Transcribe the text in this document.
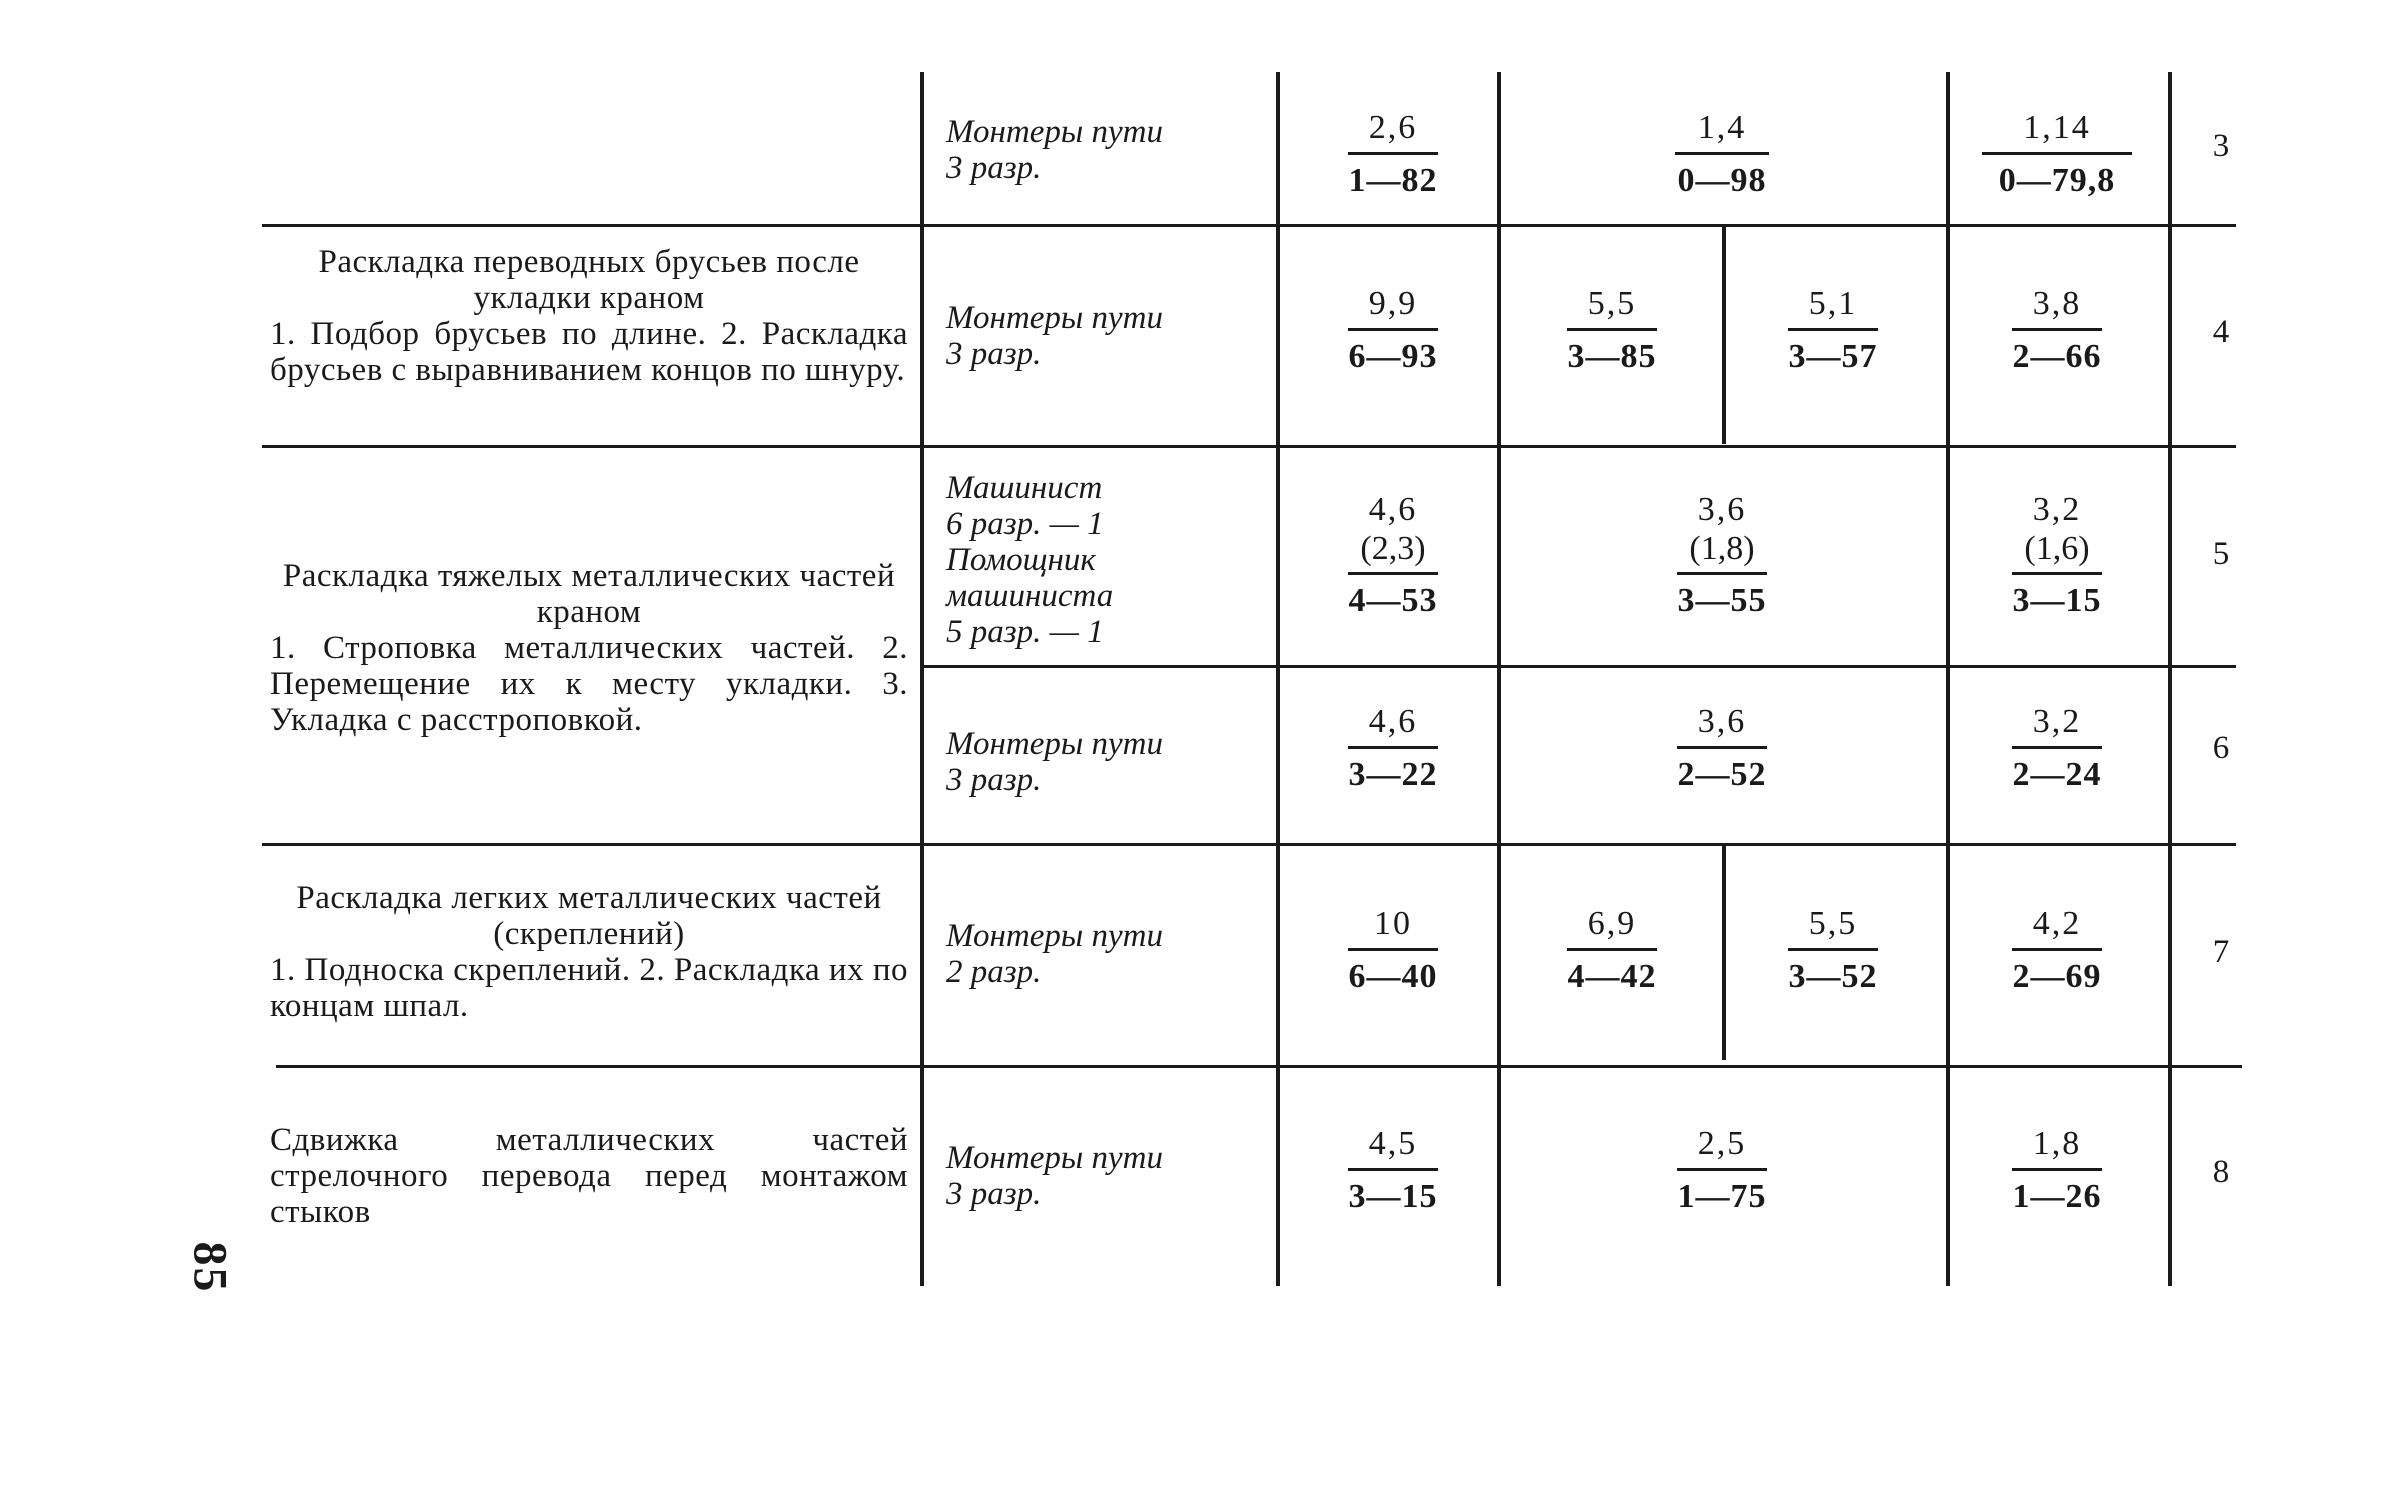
85
Монтеры пути
3 разр.
2,6
1—82
1,4
0—98
1,14
0—79,8
3
Раскладка переводных брусьев после укладки краном
1. Подбор брусьев по длине. 2. Раскладка брусьев с выравниванием концов по шнуру.
Монтеры пути
3 разр.
9,9
6—93
5,5
3—85
5,1
3—57
3,8
2—66
4
Раскладка тяжелых металлических частей краном
1. Строповка металлических частей. 2. Перемещение их к месту укладки. 3. Укладка с расстроповкой.
Машинист
6 разр. — 1
Помощник
машиниста
5 разр. — 1
4,6
(2,3)
4—53
3,6
(1,8)
3—55
3,2
(1,6)
3—15
5
Монтеры пути
3 разр.
4,6
3—22
3,6
2—52
3,2
2—24
6
Раскладка легких металлических частей (скреплений)
1. Подноска скреплений. 2. Раскладка их по концам шпал.
Монтеры пути
2 разр.
10
6—40
6,9
4—42
5,5
3—52
4,2
2—69
7
Сдвижка металлических частей стрелочного перевода перед монтажом стыков
Монтеры пути
3 разр.
4,5
3—15
2,5
1—75
1,8
1—26
8
